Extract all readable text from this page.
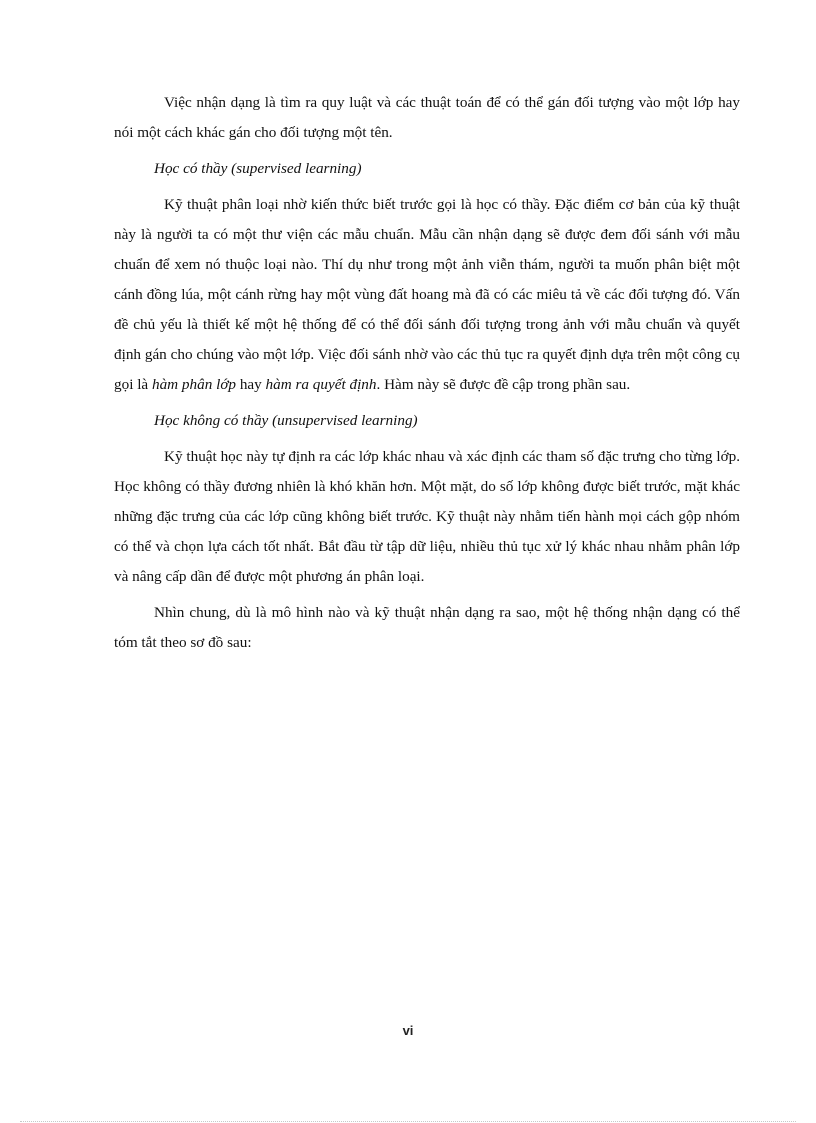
Việc nhận dạng là tìm ra quy luật và các thuật toán để có thể gán đối tượng vào một lớp hay nói một cách khác gán cho đối tượng một tên.

Học có thầy (supervised learning)

Kỹ thuật phân loại nhờ kiến thức biết trước gọi là học có thầy. Đặc điểm cơ bản của kỹ thuật này là người ta có một thư viện các mẫu chuẩn. Mẫu cần nhận dạng sẽ được đem đối sánh với mẫu chuẩn để xem nó thuộc loại nào. Thí dụ như trong một ảnh viễn thám, người ta muốn phân biệt một cánh đồng lúa, một cánh rừng hay một vùng đất hoang mà đã có các miêu tả về các đối tượng đó. Vấn đề chủ yếu là thiết kế một hệ thống để có thể đối sánh đối tượng trong ảnh với mẫu chuẩn và quyết định gán cho chúng vào một lớp. Việc đối sánh nhờ vào các thủ tục ra quyết định dựa trên một công cụ gọi là hàm phân lớp hay hàm ra quyết định. Hàm này sẽ được đề cập trong phần sau.

Học không có thầy (unsupervised learning)

Kỹ thuật học này tự định ra các lớp khác nhau và xác định các tham số đặc trưng cho từng lớp. Học không có thầy đương nhiên là khó khăn hơn. Một mặt, do số lớp không được biết trước, mặt khác những đặc trưng của các lớp cũng không biết trước. Kỹ thuật này nhằm tiến hành mọi cách gộp nhóm có thể và chọn lựa cách tốt nhất. Bắt đầu từ tập dữ liệu, nhiều thủ tục xử lý khác nhau nhằm phân lớp và nâng cấp dần để được một phương án phân loại.

Nhìn chung, dù là mô hình nào và kỹ thuật nhận dạng ra sao, một hệ thống nhận dạng có thể tóm tắt theo sơ đồ sau:

vi
